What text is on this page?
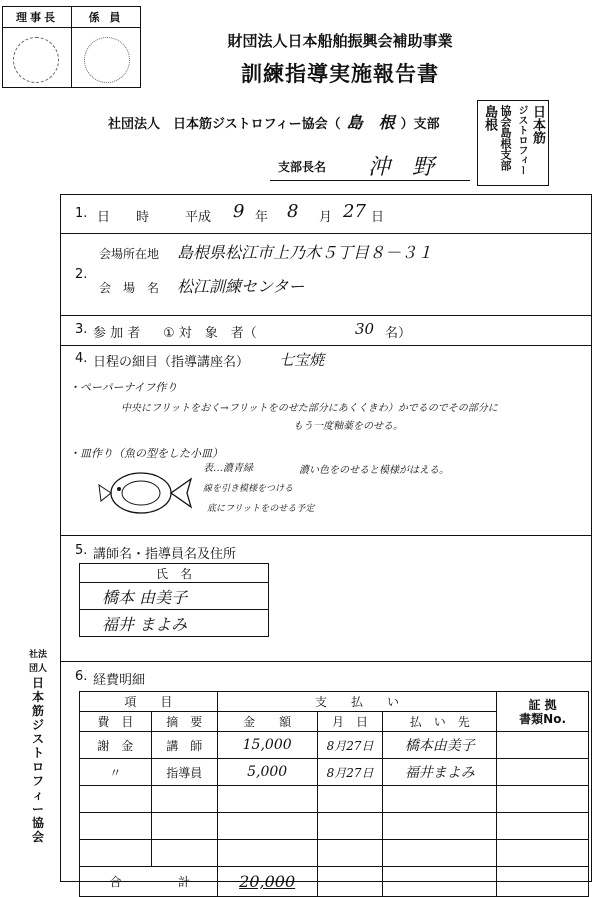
理事長	係 員
財団法人日本船舶振興会補助事業
訓練指導実施報告書
社団法人　日本筋ジストロフィー協会（ 島　根 ）支部
支部長名 沖　野
日本筋
ジストロフィー
協会島根支部
島根
1. 日　　時	平成 9 年 8 月 27 日
2.
会場所在地 島根県松江市上乃木５丁目８－３１
会　場　名 松江訓練センター
3. 参 加 者 ① 対　象　者（	30 名）
4. 日程の細目（指導講座名） 七宝焼
・ペーパーナイフ作り
中央にフリットをおく→フリットをのせた部分にあくくきわ）かでるのでその部分に
もう一度釉薬をのせる。
・皿作り（魚の型をした小皿）
表…濃青緑	濃い色をのせると模様がはえる。
線を引き模様をつける
底にフリットをのせる予定
5. 講師名・指導員名及住所
氏　名
橋本 由美子
福井 まよみ
6. 経費明細
項　　目		支　　払　　い			証 拠
書類No.

費　目	摘　要	金　　額	月　日	払　い　先	
謝　金	講　師	15,000	8月27日	橋本由美子	
〃	指導員	5,000	8月27日	福井まよみ	

合	計	20,000			
社法
団人
日
本
筋
ジ
ス
ト
ロ
フ
ィ
ー
協
会
